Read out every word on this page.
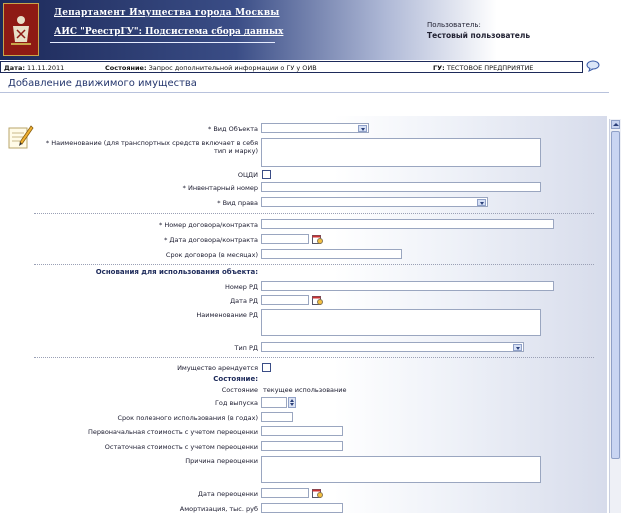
Департамент Имущества города Москвы
АИС "РеестрГУ": Подсистема сбора данных
Пользователь:
Тестовый пользователь
Дата: 11.11.2011	Состояние: Запрос дополнительной информации о ГУ у ОИВ	ГУ: ТЕСТОВОЕ ПРЕДПРИЯТИЕ
Добавление движимого имущества
* Вид Объекта
* Наименование (для транспортных средств включает в себя тип и марку)
ОЦДИ
* Инвентарный номер
* Вид права
* Номер договора/контракта
* Дата договора/контракта
Срок договора (в месяцах)
Основания для использования объекта:
Номер РД
Дата РД
Наименование РД
Тип РД
Имущество арендуется
Состояние:
Состояние текущее использование
Год выпуска
Срок полезного использования (в годах)
Первоначальная стоимость с учетом переоценки
Остаточная стоимость с учетом переоценки
Причина переоценки
Дата переоценки
Амортизация, тыс. руб
